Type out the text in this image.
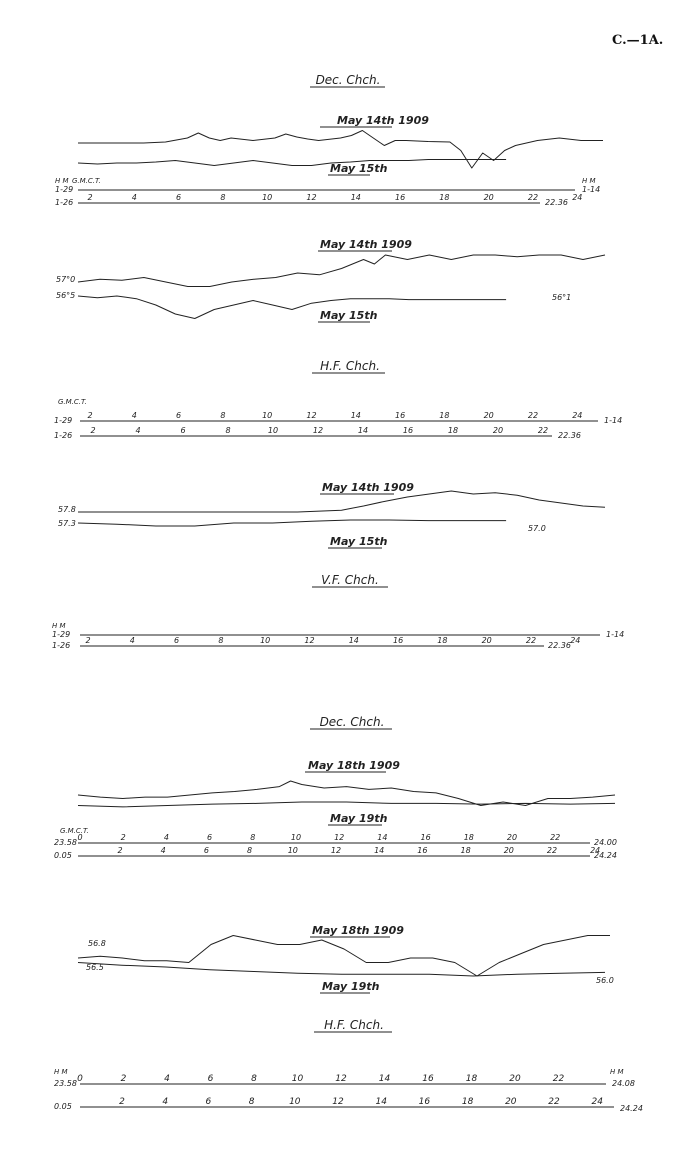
C.—1A.
Dec. Chch.
May 14th 1909
May 15th
H M G.M.C.T.	H M
1-29
1-26
1-14
22.36
2	4	6	8	10	12	14	16	18	20	22	24
May 14th 1909
May 15th
57°0
56°5	56°1
H.F. Chch.
G.M.C.T.
1-29
1-26
1-14
22.36
2	4	6	8	10	12	14	16	18	20	22	24
2	4	6	8	10	12	14	16	18	20	22
May 14th 1909
May 15th
57.8
57.3
57.0
V.F. Chch.
H M
1-29
1-26
1-14
22.36
2	4	6	8	10	12	14	16	18	20	22	24
Dec. Chch.
May 18th 1909
May 19th
G.M.C.T.
23.58
0.05
24.00
24.24
0	2	4	6	8	10	12	14	16	18	20	22
2	4	6	8	10	12	14	16	18	20	22	24
May 18th 1909
May 19th
56.8
56.5
56.0
H.F. Chch.
H M	H M
23.58
0.05
24.08
24.24
0	2	4	6	8	10	12	14	16	18	20	22
2	4	6	8	10	12	14	16	18	20	22	24
